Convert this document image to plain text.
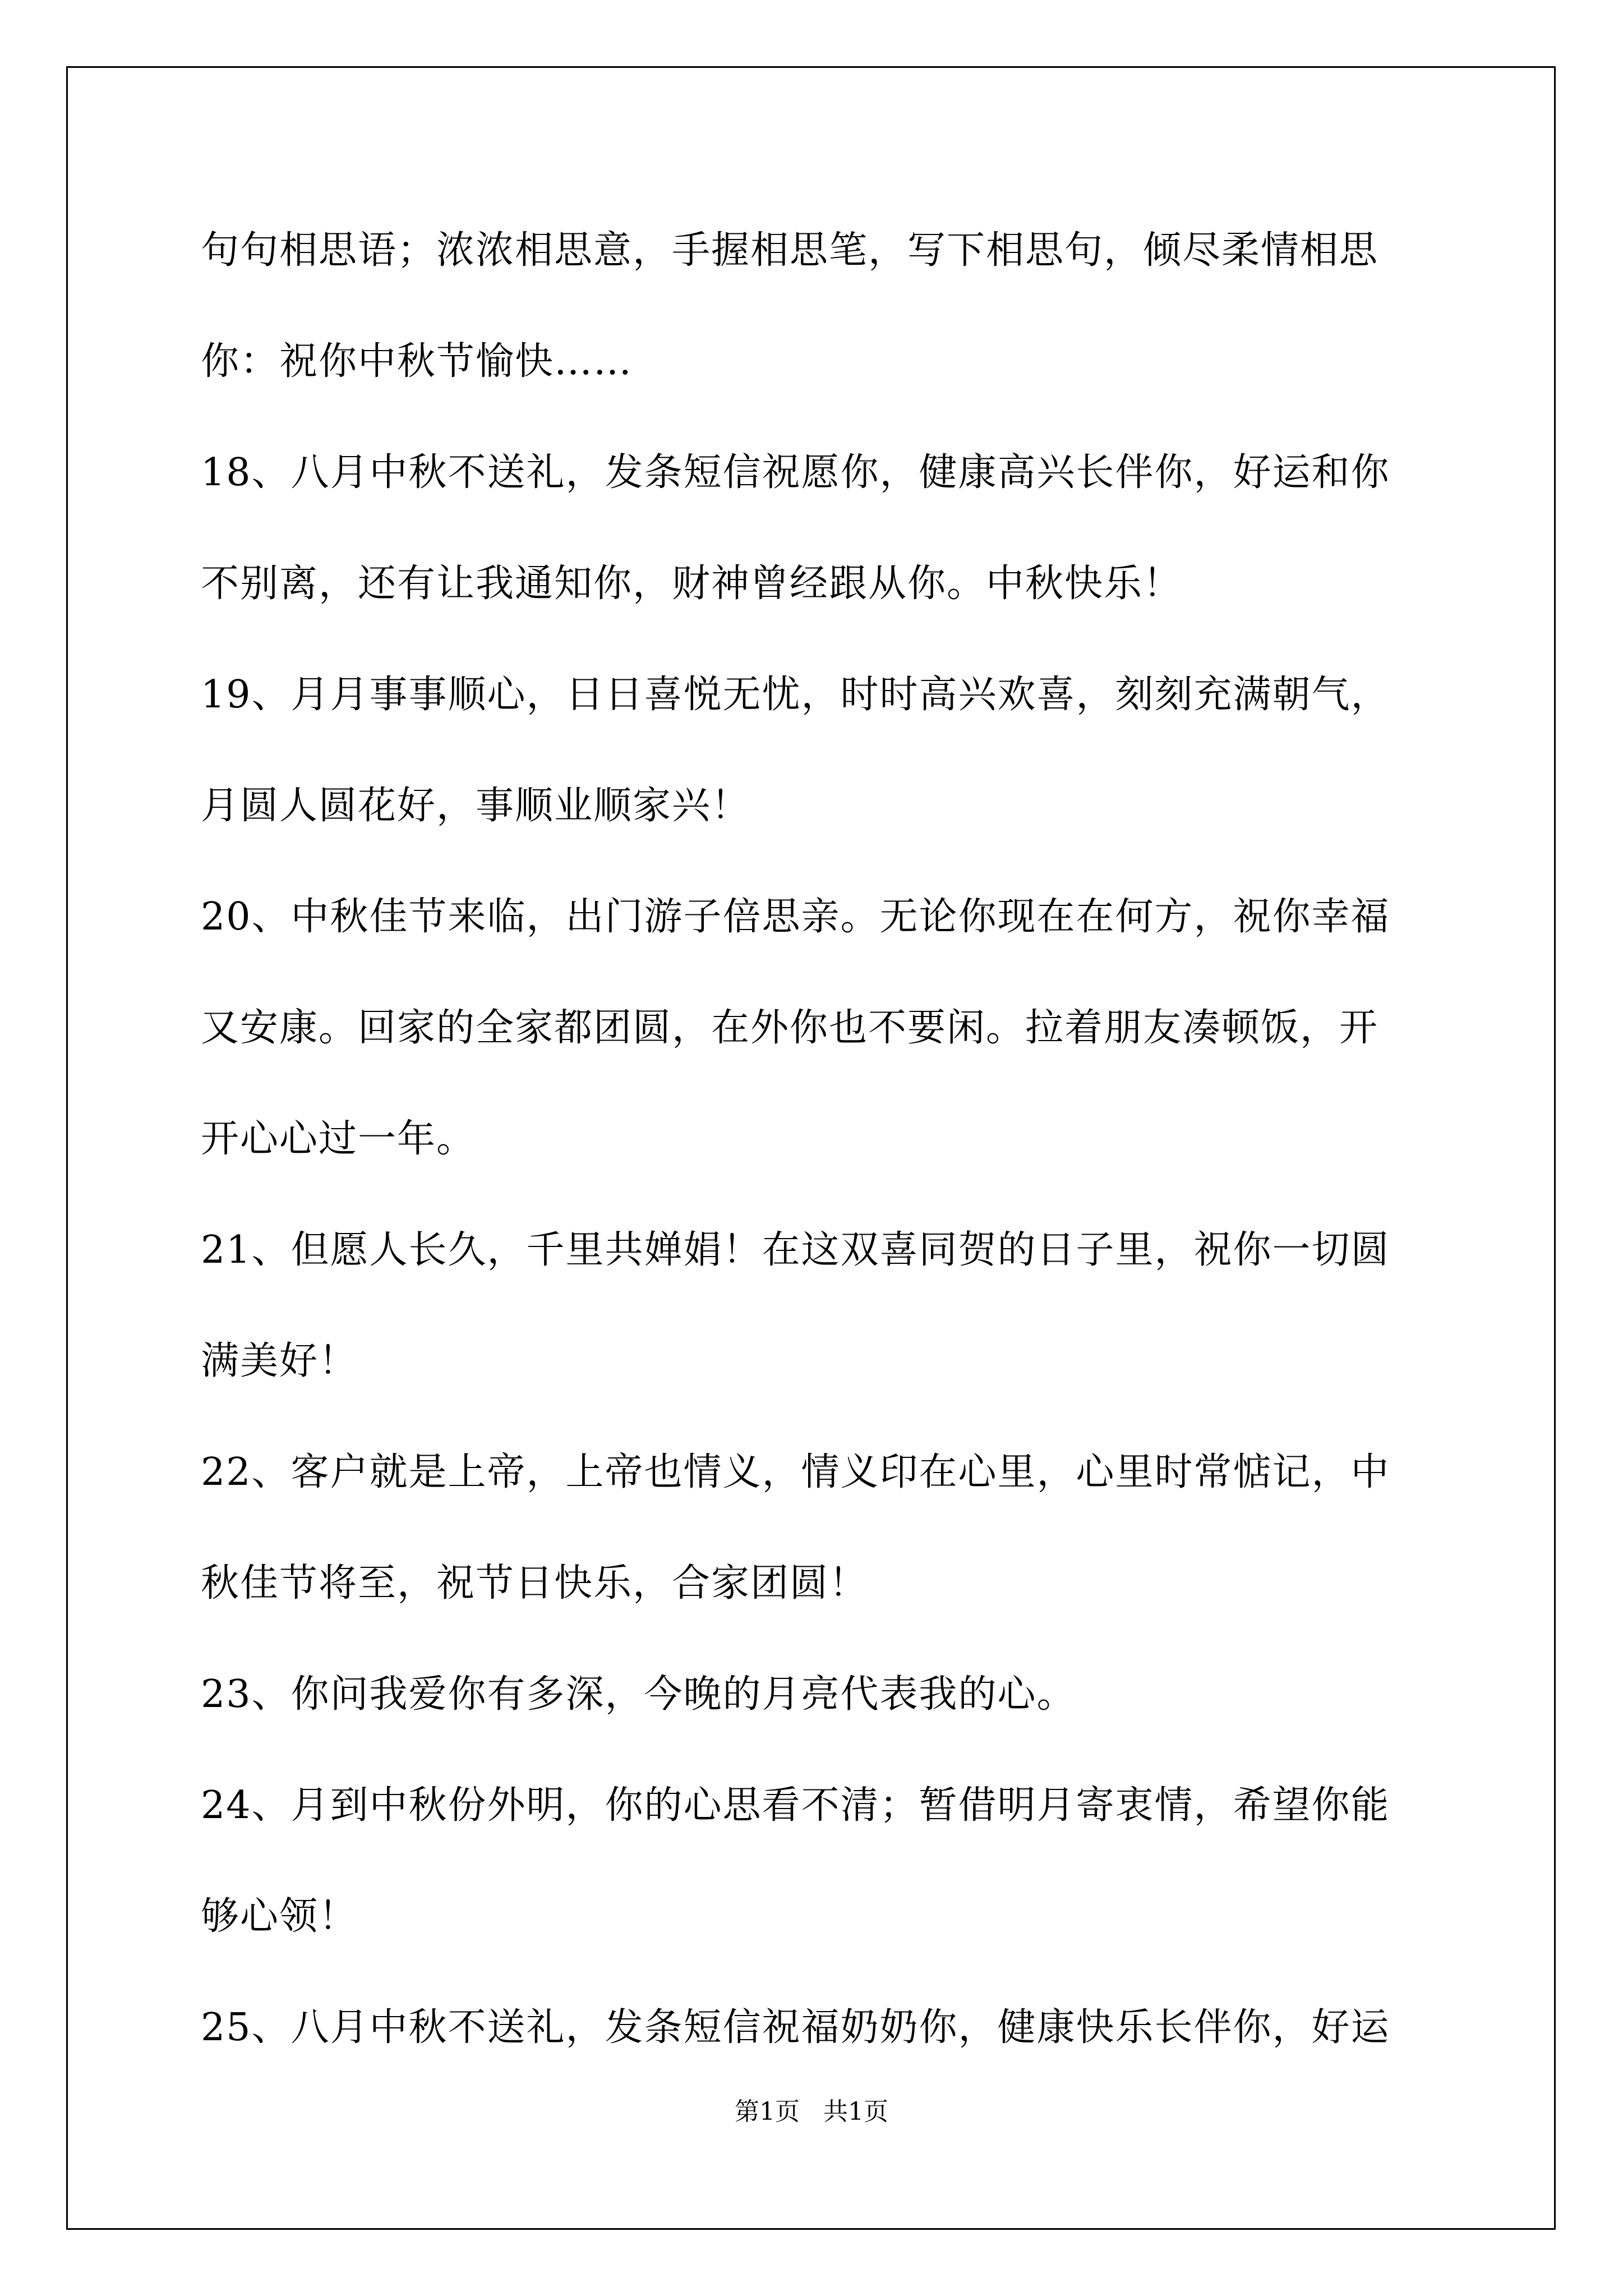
句句相思语；浓浓相思意，手握相思笔，写下相思句，倾尽柔情相思
你：祝你中秋节愉快……
18、八月中秋不送礼，发条短信祝愿你，健康高兴长伴你，好运和你
不别离，还有让我通知你，财神曾经跟从你。中秋快乐！
19、月月事事顺心，日日喜悦无忧，时时高兴欢喜，刻刻充满朝气，
月圆人圆花好，事顺业顺家兴！
20、中秋佳节来临，出门游子倍思亲。无论你现在在何方，祝你幸福
又安康。回家的全家都团圆，在外你也不要闲。拉着朋友凑顿饭，开
开心心过一年。
21、但愿人长久，千里共婵娟！在这双喜同贺的日子里，祝你一切圆
满美好！
22、客户就是上帝，上帝也情义，情义印在心里，心里时常惦记，中
秋佳节将至，祝节日快乐，合家团圆！
23、你问我爱你有多深，今晚的月亮代表我的心。
24、月到中秋份外明，你的心思看不清；暂借明月寄衷情，希望你能
够心领！
25、八月中秋不送礼，发条短信祝福奶奶你，健康快乐长伴你，好运
第1页   共1页
